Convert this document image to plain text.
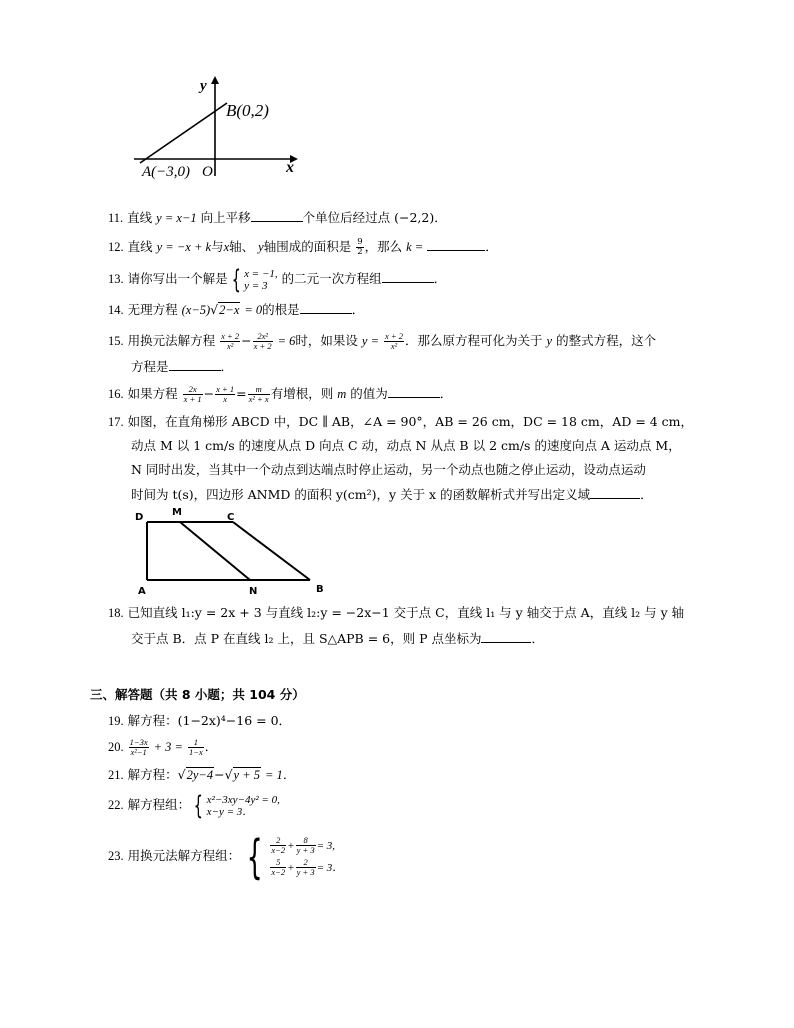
y
x
B(0,2)
A(−3,0) O
11. 直线 y = x−1 向上平移	个单位后经过点 (−2,2)．
12. 直线 y = −x + k与x轴、 y轴围成的面积是 $\frac{9}{2}$ ，那么 k =	．
13. 请你写出一个解是 { x = −1,
y = 3	的二元一次方程组	．
14. 无理方程 (x−5)√2−x = 0的根是	．
15. 用换元法解方程 $\frac{x + 2}{\text{x²}} - \frac{\text{2x²}}{x + 2} = 6$时，如果设 $y = \frac{x + 2}{\text{x²}}$ ．那么原方程可化为关于 y 的整式方程，这个
方程是	．
16. 如果方程 $\frac{2x}{x + 1} - \frac{x + 1}{x} = \frac{m}{\text{x² + x}}$ 有增根，则 m 的值为	．
17. 如图，在直角梯形 ABCD 中，DC ∥ AB，∠A = 90°，AB = 26 cm，DC = 18 cm，AD = 4 cm，
动点 M 以 1 cm/s 的速度从点 D 向点 C 动，动点 N 从点 B 以 2 cm/s 的速度向点 A 运动点 M，
N 同时出发，当其中一个动点到达端点时停止运动，另一个动点也随之停止运动，设动点运动
时间为 t(s)，四边形 ANMD 的面积 y(cm²)，y 关于 x 的函数解析式并写出定义域	．
D	M	C
A	N	B
18. 已知直线 l₁:y = 2x + 3 与直线 l₂:y = −2x−1 交于点 C，直线 l₁ 与 y 轴交于点 A，直线 l₂ 与 y 轴
交于点 B．点 P 在直线 l₂ 上，且 S△APB = 6，则 P 点坐标为	．
三、解答题（共 8 小题；共 104 分）
19. 解方程：(1−2x)⁴−16 = 0．
20. $\frac{1-3x}{\text{x²−1}} + 3 = \frac{1}{1-x}$ ．
21. 解方程：√2y−4−√y + 5 = 1．
22. 解方程组： { x²−3xy−4y² = 0,
x−y = 3．
23. 用换元法解方程组： { $\frac{2}{x-2} + \frac{8}{y + 3} = 3$,
$\frac{5}{x-2} + \frac{2}{y + 3} = 3$．
